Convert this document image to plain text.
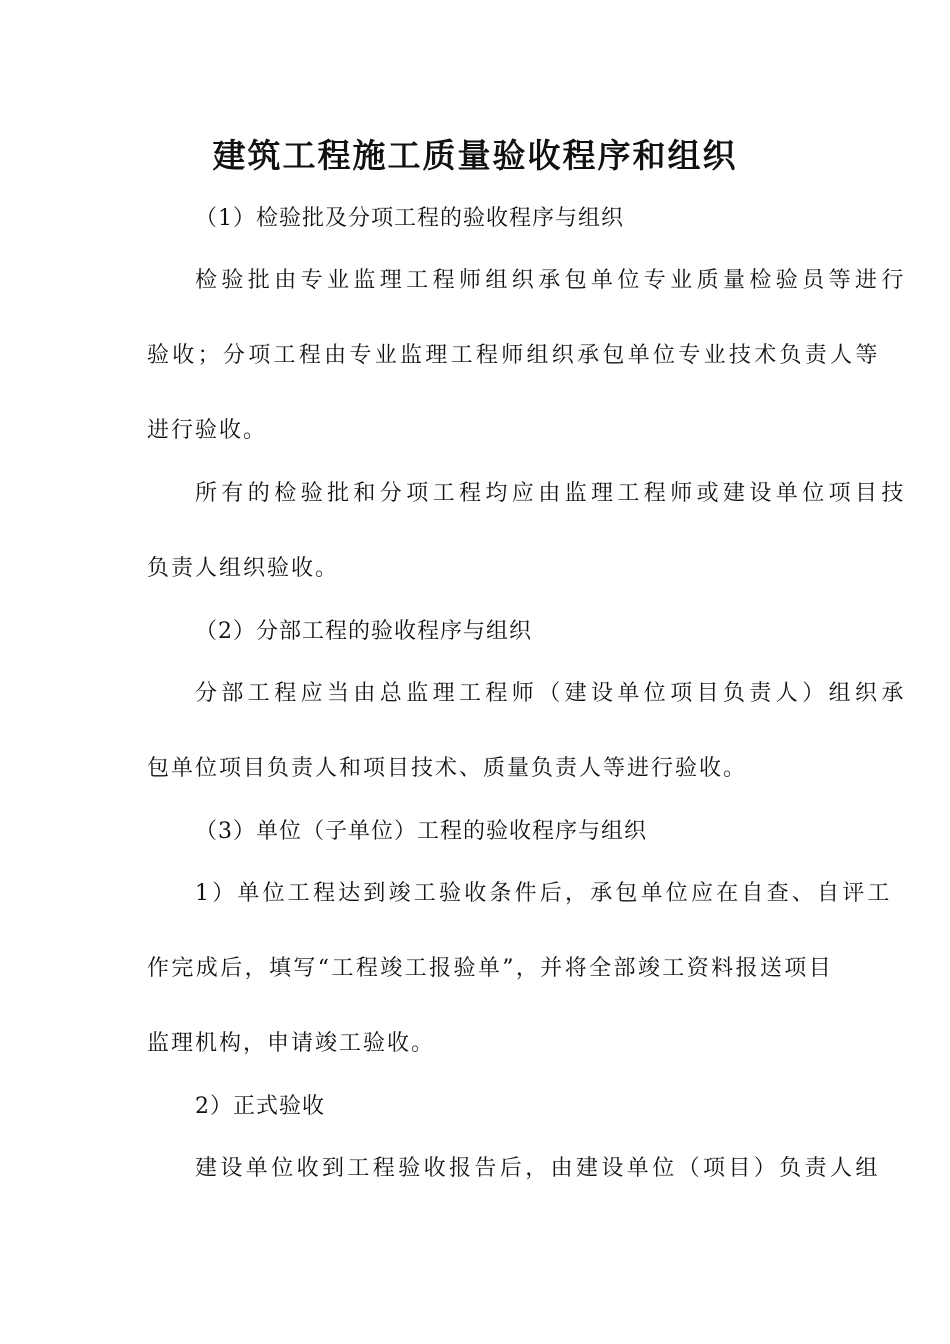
建筑工程施工质量验收程序和组织
（1）检验批及分项工程的验收程序与组织
检验批由专业监理工程师组织承包单位专业质量检验员等进行
验收；分项工程由专业监理工程师组织承包单位专业技术负责人等
进行验收。
所有的检验批和分项工程均应由监理工程师或建设单位项目技
负责人组织验收。
（2）分部工程的验收程序与组织
分部工程应当由总监理工程师（建设单位项目负责人）组织承
包单位项目负责人和项目技术、质量负责人等进行验收。
（3）单位（子单位）工程的验收程序与组织
1）单位工程达到竣工验收条件后，承包单位应在自查、自评工
作完成后，填写“工程竣工报验单”，并将全部竣工资料报送项目
监理机构，申请竣工验收。
2）正式验收
建设单位收到工程验收报告后，由建设单位（项目）负责人组
